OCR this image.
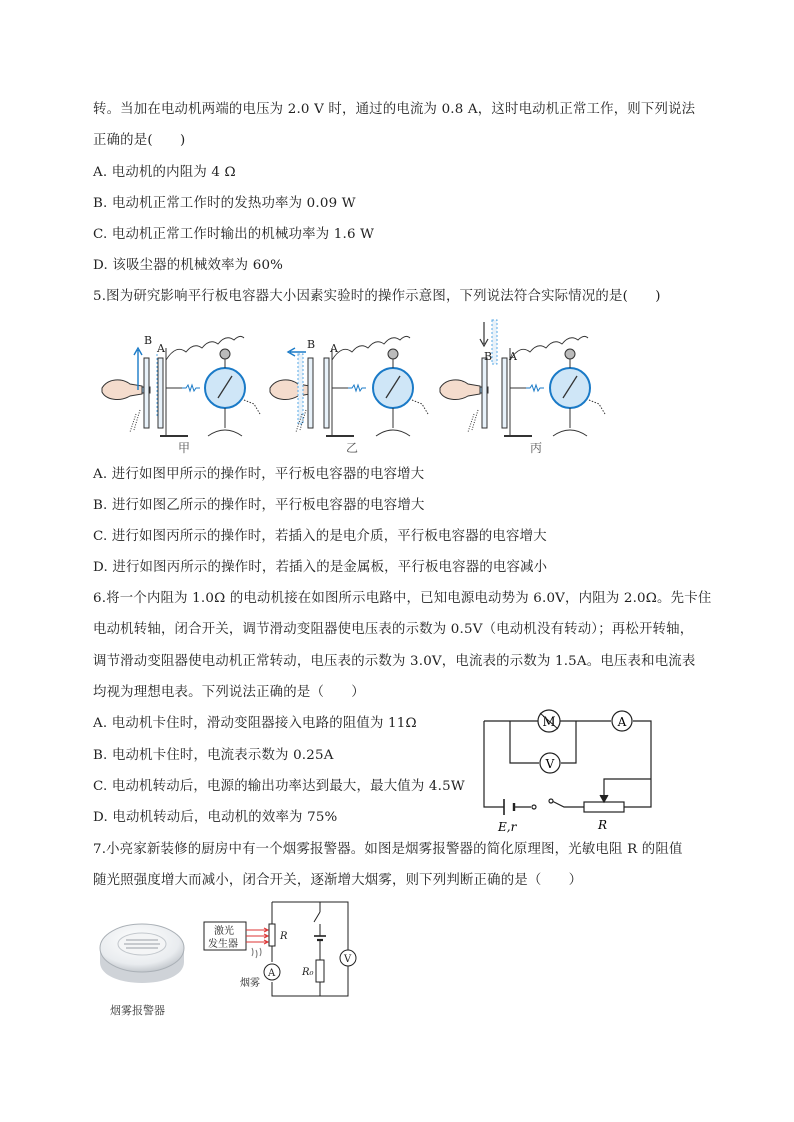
转。当加在电动机两端的电压为 2.0 V 时，通过的电流为 0.8 A，这时电动机正常工作，则下列说法
正确的是(　　)
A. 电动机的内阻为 4 Ω
B. 电动机正常工作时的发热功率为 0.09 W
C. 电动机正常工作时输出的机械功率为 1.6 W
D. 该吸尘器的机械效率为 60%
5.图为研究影响平行板电容器大小因素实验时的操作示意图，下列说法符合实际情况的是(　　)
B
A	B A
B A
甲	乙	丙
A. 进行如图甲所示的操作时，平行板电容器的电容增大
B. 进行如图乙所示的操作时，平行板电容器的电容增大
C. 进行如图丙所示的操作时，若插入的是电介质，平行板电容器的电容增大
D. 进行如图丙所示的操作时，若插入的是金属板，平行板电容器的电容减小
6.将一个内阻为 1.0Ω 的电动机接在如图所示电路中，已知电源电动势为 6.0V，内阻为 2.0Ω。先卡住
电动机转轴，闭合开关，调节滑动变阻器使电压表的示数为 0.5V（电动机没有转动）；再松开转轴，
调节滑动变阻器使电动机正常转动，电压表的示数为 3.0V，电流表的示数为 1.5A。电压表和电流表
均视为理想电表。下列说法正确的是（　　）
A. 电动机卡住时，滑动变阻器接入电路的阻值为 11Ω
B. 电动机卡住时，电流表示数为 0.25A
C. 电动机转动后，电源的输出功率达到最大，最大值为 4.5W
D. 电动机转动后，电动机的效率为 75%
M	A
V
E,r	R
7.小亮家新装修的厨房中有一个烟雾报警器。如图是烟雾报警器的简化原理图，光敏电阻 R 的阻值
随光照强度增大而减小，闭合开关，逐渐增大烟雾，则下列判断正确的是（　　）
烟雾报警器
激光
发生器
烟雾
R
R₀
A
V
